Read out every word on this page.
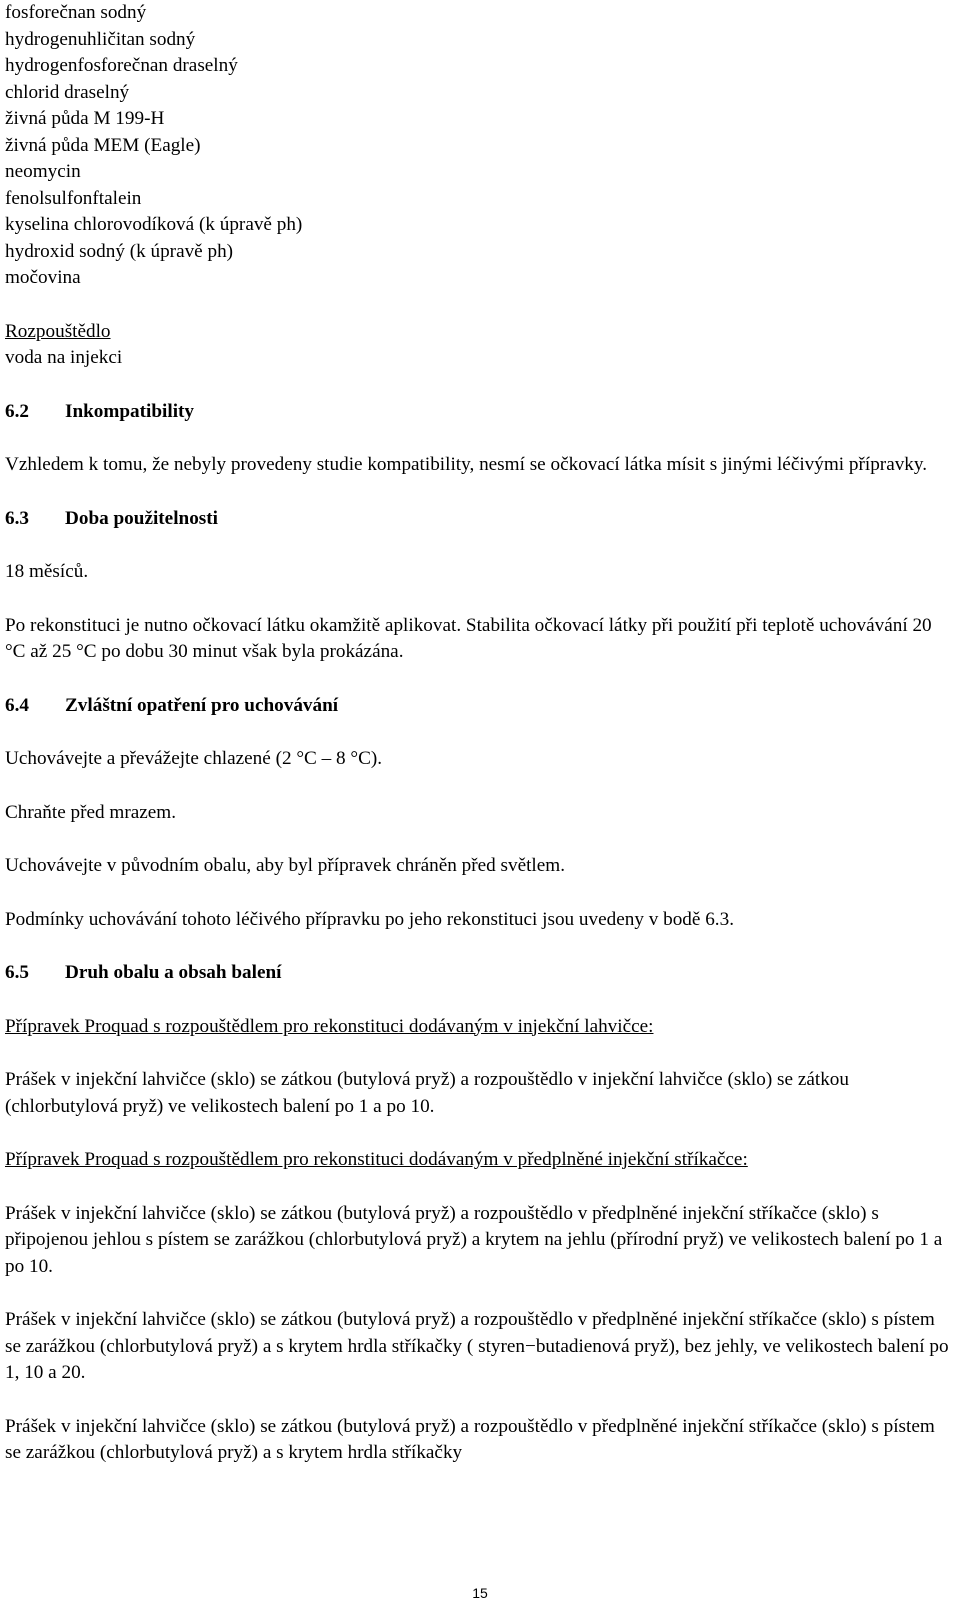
fosforečnan sodný
hydrogenuhličitan sodný
hydrogenfosforečnan draselný
chlorid draselný
živná půda M 199-H
živná půda MEM (Eagle)
neomycin
fenolsulfonftalein
kyselina chlorovodíková (k úpravě ph)
hydroxid sodný (k úpravě ph)
močovina
Rozpouštědlo
voda na injekci
6.2 Inkompatibility
Vzhledem k tomu, že nebyly provedeny studie kompatibility, nesmí se očkovací látka mísit s jinými léčivými přípravky.
6.3 Doba použitelnosti
18 měsíců.
Po rekonstituci je nutno očkovací látku okamžitě aplikovat. Stabilita očkovací látky při použití při teplotě uchovávání 20 °C až 25 °C po dobu 30 minut však byla prokázána.
6.4 Zvláštní opatření pro uchovávání
Uchovávejte a převážejte chlazené (2 °C – 8 °C).
Chraňte před mrazem.
Uchovávejte v původním obalu, aby byl přípravek chráněn před světlem.
Podmínky uchovávání tohoto léčivého přípravku po jeho rekonstituci jsou uvedeny v bodě 6.3.
6.5 Druh obalu a obsah balení
Přípravek Proquad s rozpouštědlem pro rekonstituci dodávaným v injekční lahvičce:
Prášek v injekční lahvičce (sklo) se zátkou (butylová pryž) a rozpouštědlo v injekční lahvičce (sklo) se zátkou (chlorbutylová pryž) ve velikostech balení po 1 a po 10.
Přípravek Proquad s rozpouštědlem pro rekonstituci dodávaným v předplněné injekční stříkačce:
Prášek v injekční lahvičce (sklo) se zátkou (butylová pryž) a rozpouštědlo v předplněné injekční stříkačce (sklo) s připojenou jehlou s pístem se zarážkou (chlorbutylová pryž) a krytem na jehlu (přírodní pryž) ve velikostech balení po 1 a po 10.
Prášek v injekční lahvičce (sklo) se zátkou (butylová pryž) a rozpouštědlo v předplněné injekční stříkačce (sklo) s pístem se zarážkou (chlorbutylová pryž) a s krytem hrdla stříkačky ( styren−butadienová pryž), bez jehly, ve velikostech balení po 1, 10 a 20.
Prášek v injekční lahvičce (sklo) se zátkou (butylová pryž) a rozpouštědlo v předplněné injekční stříkačce (sklo) s pístem se zarážkou (chlorbutylová pryž) a s krytem hrdla stříkačky
15
